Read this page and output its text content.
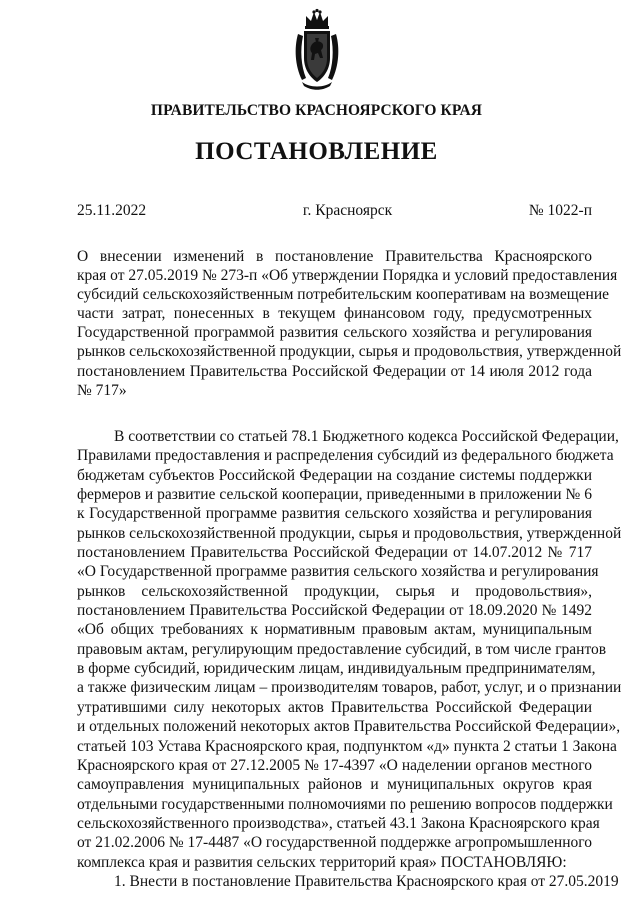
ПРАВИТЕЛЬСТВО КРАСНОЯРСКОГО КРАЯ
ПОСТАНОВЛЕНИЕ
25.11.2022	г. Красноярск	№ 1022-п
О внесении изменений в постановление Правительства Красноярского
края от 27.05.2019 № 273-п «Об утверждении Порядка и условий предоставления
субсидий сельскохозяйственным потребительским кооперативам на возмещение
части затрат, понесенных в текущем финансовом году, предусмотренных
Государственной программой развития сельского хозяйства и регулирования
рынков сельскохозяйственной продукции, сырья и продовольствия, утвержденной
постановлением Правительства Российской Федерации от 14 июля 2012 года
№ 717»
В соответствии со статьей 78.1 Бюджетного кодекса Российской Федерации,
Правилами предоставления и распределения субсидий из федерального бюджета
бюджетам субъектов Российской Федерации на создание системы поддержки
фермеров и развитие сельской кооперации, приведенными в приложении № 6
к Государственной программе развития сельского хозяйства и регулирования
рынков сельскохозяйственной продукции, сырья и продовольствия, утвержденной
постановлением Правительства Российской Федерации от 14.07.2012 № 717
«О Государственной программе развития сельского хозяйства и регулирования
рынков сельскохозяйственной продукции, сырья и продовольствия»,
постановлением Правительства Российской Федерации от 18.09.2020 № 1492
«Об общих требованиях к нормативным правовым актам, муниципальным
правовым актам, регулирующим предоставление субсидий, в том числе грантов
в форме субсидий, юридическим лицам, индивидуальным предпринимателям,
а также физическим лицам – производителям товаров, работ, услуг, и о признании
утратившими силу некоторых актов Правительства Российской Федерации
и отдельных положений некоторых актов Правительства Российской Федерации»,
статьей 103 Устава Красноярского края, подпунктом «д» пункта 2 статьи 1 Закона
Красноярского края от 27.12.2005 № 17-4397 «О наделении органов местного
самоуправления муниципальных районов и муниципальных округов края
отдельными государственными полномочиями по решению вопросов поддержки
сельскохозяйственного производства», статьей 43.1 Закона Красноярского края
от 21.02.2006 № 17-4487 «О государственной поддержке агропромышленного
комплекса края и развития сельских территорий края» ПОСТАНОВЛЯЮ:
1. Внести в постановление Правительства Красноярского края от 27.05.2019
